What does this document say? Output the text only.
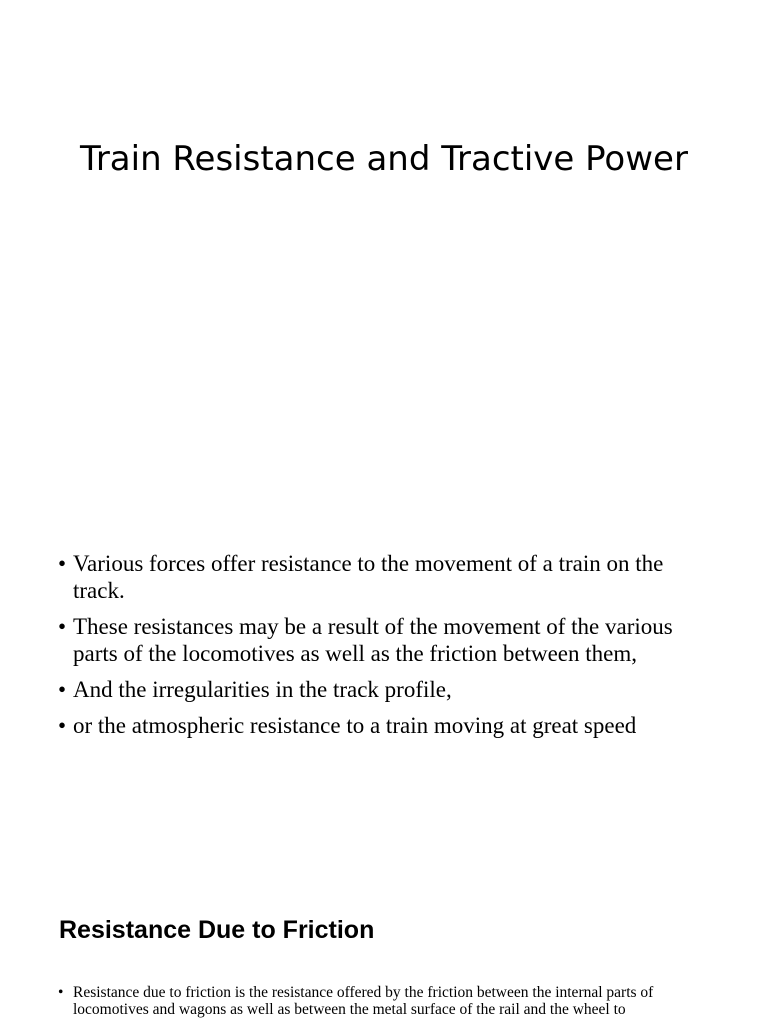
Train Resistance and Tractive Power
• Various forces offer resistance to the movement of a train on the track.
• These resistances may be a result of the movement of the various parts of the locomotives as well as the friction between them,
• And the irregularities in the track profile,
• or the atmospheric resistance to a train moving at great speed
Resistance Due to Friction
• Resistance due to friction is the resistance offered by the friction between the internal parts of locomotives and wagons as well as between the metal surface of the rail and the wheel to
